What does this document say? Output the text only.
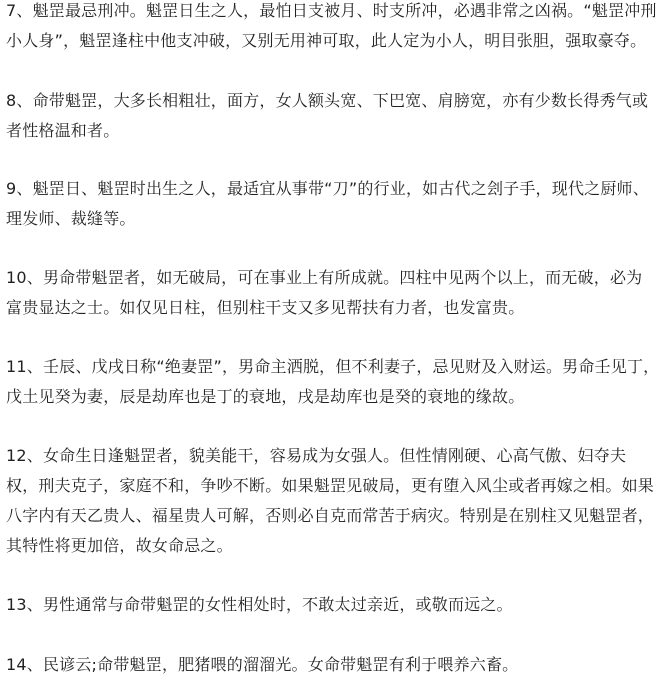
7、魁罡最忌刑冲。魁罡日生之人，最怕日支被月、时支所冲，必遇非常之凶祸。“魁罡冲刑
小人身”，魁罡逢柱中他支冲破，又别无用神可取，此人定为小人，明目张胆，强取豪夺。
8、命带魁罡，大多长相粗壮，面方，女人额头宽、下巴宽、肩膀宽，亦有少数长得秀气或
者性格温和者。
9、魁罡日、魁罡时出生之人，最适宜从事带“刀”的行业，如古代之刽子手，现代之厨师、
理发师、裁缝等。
10、男命带魁罡者，如无破局，可在事业上有所成就。四柱中见两个以上，而无破，必为
富贵显达之士。如仅见日柱，但别柱干支又多见帮扶有力者，也发富贵。
11、壬辰、戊戌日称“绝妻罡”，男命主洒脱，但不利妻子，忌见财及入财运。男命壬见丁，
戊土见癸为妻，辰是劫库也是丁的衰地，戌是劫库也是癸的衰地的缘故。
12、女命生日逢魁罡者，貌美能干，容易成为女强人。但性情刚硬、心高气傲、妇夺夫
权，刑夫克子，家庭不和，争吵不断。如果魁罡见破局，更有堕入风尘或者再嫁之相。如果
八字内有天乙贵人、福星贵人可解，否则必自克而常苦于病灾。特别是在别柱又见魁罡者，
其特性将更加倍，故女命忌之。
13、男性通常与命带魁罡的女性相处时，不敢太过亲近，或敬而远之。
14、民谚云;命带魁罡，肥猪喂的溜溜光。女命带魁罡有利于喂养六畜。
